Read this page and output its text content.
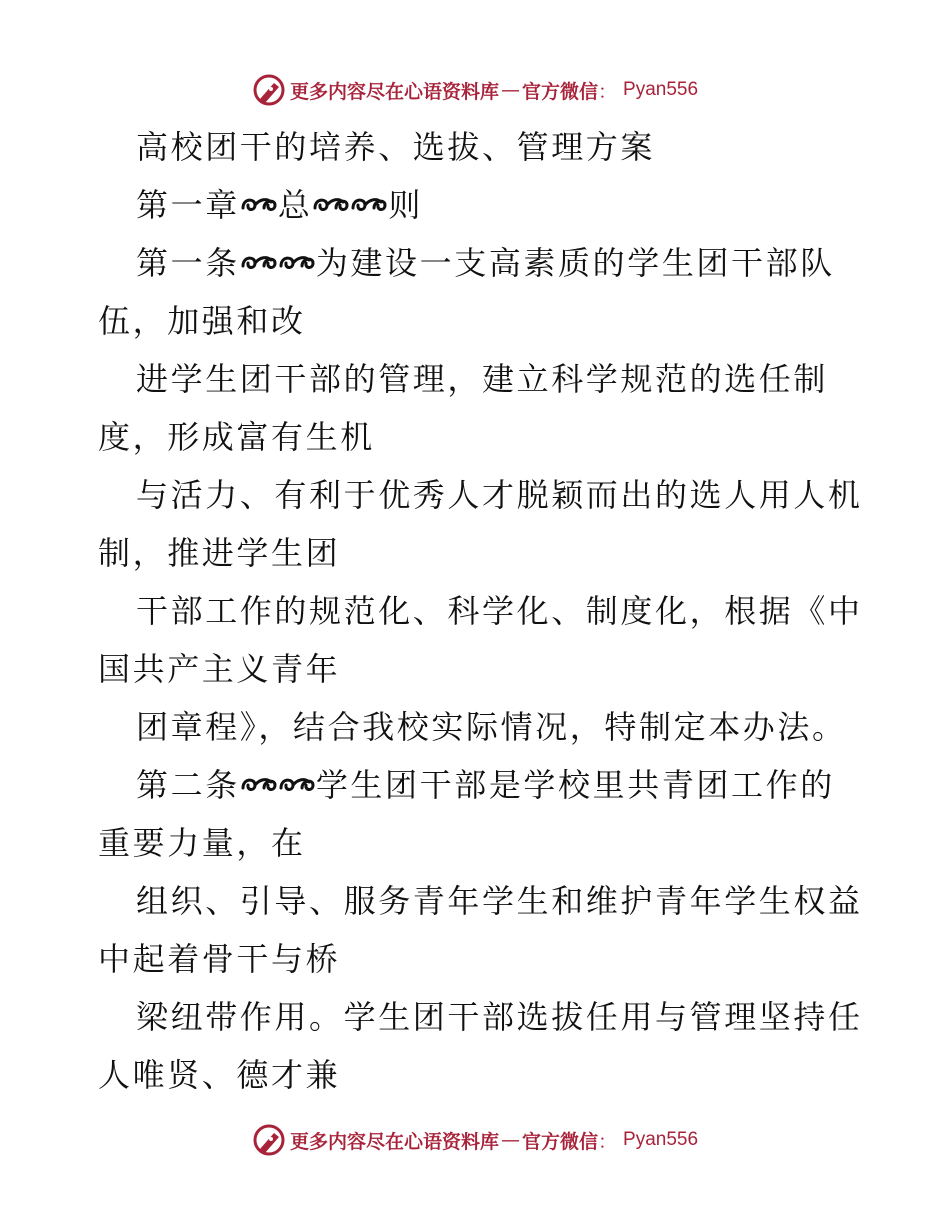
更多内容尽在心语资料库 — 官方微信 ： Pyan556
高校团干的培养、选拔、管理方案
第一章 总 则
第一条 为建设一支高素质的学生团干部队
伍，加强和改
进学生团干部的管理，建立科学规范的选任制
度，形成富有生机
与活力、有利于优秀人才脱颖而出的选人用人机
制，推进学生团
干部工作的规范化、科学化、制度化，根据《中
国共产主义青年
团章程》，结合我校实际情况，特制定本办法。
第二条 学生团干部是学校里共青团工作的
重要力量，在
组织、引导、服务青年学生和维护青年学生权益
中起着骨干与桥
梁纽带作用。学生团干部选拔任用与管理坚持任
人唯贤、德才兼
更多内容尽在心语资料库 — 官方微信 ： Pyan556
